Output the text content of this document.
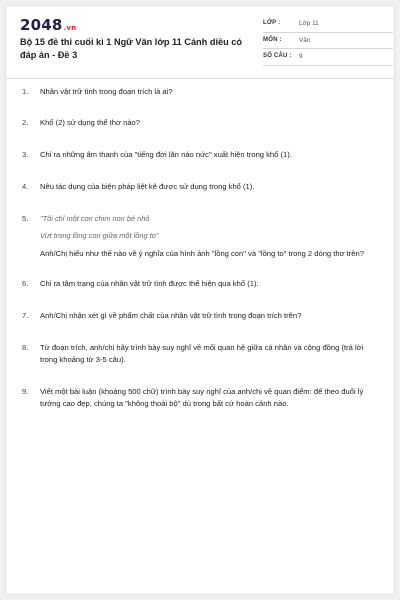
2048.vn
Bộ 15 đề thi cuối kì 1 Ngữ Văn lớp 11 Cánh diều có đáp án - Đề 3
LỚP :	Lớp 11
MÔN :	Văn
SỐ CÂU : 9
1. Nhân vật trữ tình trong đoạn trích là ai?
2. Khổ (2) sử dụng thể thơ nào?
3. Chỉ ra những âm thanh của "tiếng đời lăn náo nức" xuất hiện trong khổ (1).
4. Nêu tác dụng của biện pháp liệt kê được sử dụng trong khổ (1).
5. "Tôi chỉ một con chim non bé nhỏ
Vừt trong lồng con giữa một lồng to"
Anh/Chị hiểu như thế nào về ý nghĩa của hình ảnh "lồng con" và "lồng to" trong 2 dòng thơ trên?
6. Chỉ ra tâm trạng của nhân vật trữ tình được thể hiện qua khổ (1).
7. Anh/Chị nhận xét gì về phẩm chất của nhân vật trữ tình trong đoạn trích trên?
8. Từ đoạn trích, anh/chị hãy trình bày suy nghĩ về mối quan hệ giữa cá nhân và cộng đồng (trả lời trong khoảng từ 3-5 câu).
9. Viết một bài luận (khoảng 500 chữ) trình bày suy nghĩ của anh/chị về quan điểm: để theo đuổi lý tưởng cao đẹp, chúng ta "không thoái bộ" dù trong bất cứ hoàn cảnh nào.
